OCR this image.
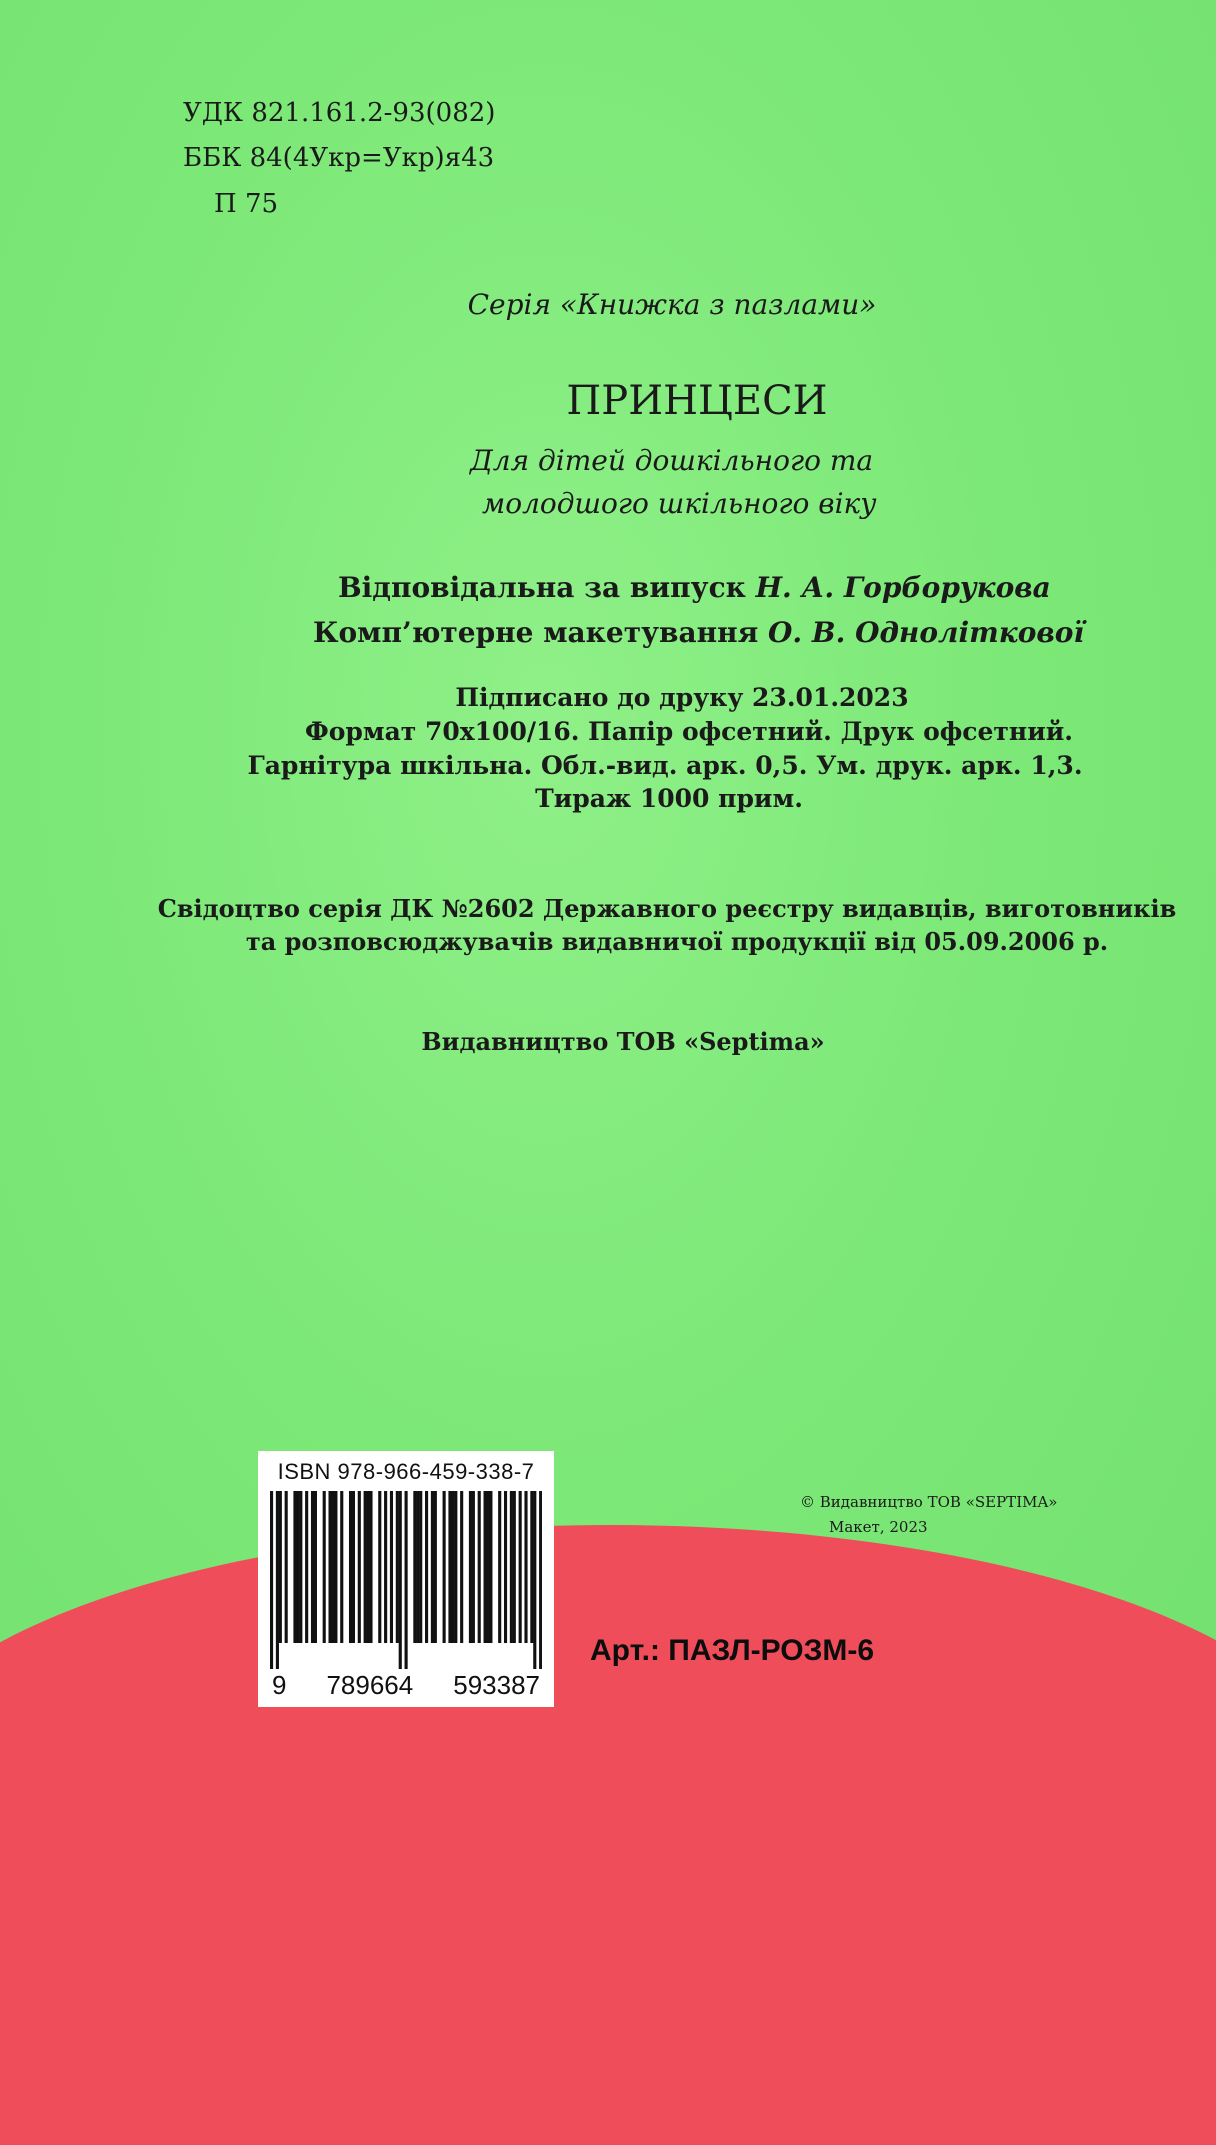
УДК 821.161.2-93(082)

ББК 84(4Укр=Укр)я43

П 75

Серія «Книжка з пазлами»

ПРИНЦЕСИ

Для дітей дошкільного та

молодшого шкільного віку

Відповідальна за випуск Н. А. Горборукова

Комп’ютерне макетування О. В. Одноліткової

Підписано до друку 23.01.2023

Формат 70x100/16. Папір офсетний. Друк офсетний.

Гарнітура шкільна. Обл.-вид. арк. 0,5. Ум. друк. арк. 1,3.

Тираж 1000 прим.

Свідоцтво серія ДК №2602 Державного реєстру видавців, виготовників

та розповсюджувачів видавничої продукції від 05.09.2006 р.

Видавництво ТОВ «Septima»

ISBN 978-966-459-338-7

9 789664 593387

© Видавництво ТОВ «SEPTIMA»

Макет, 2023

Арт.: ПАЗЛ-РОЗМ-6
